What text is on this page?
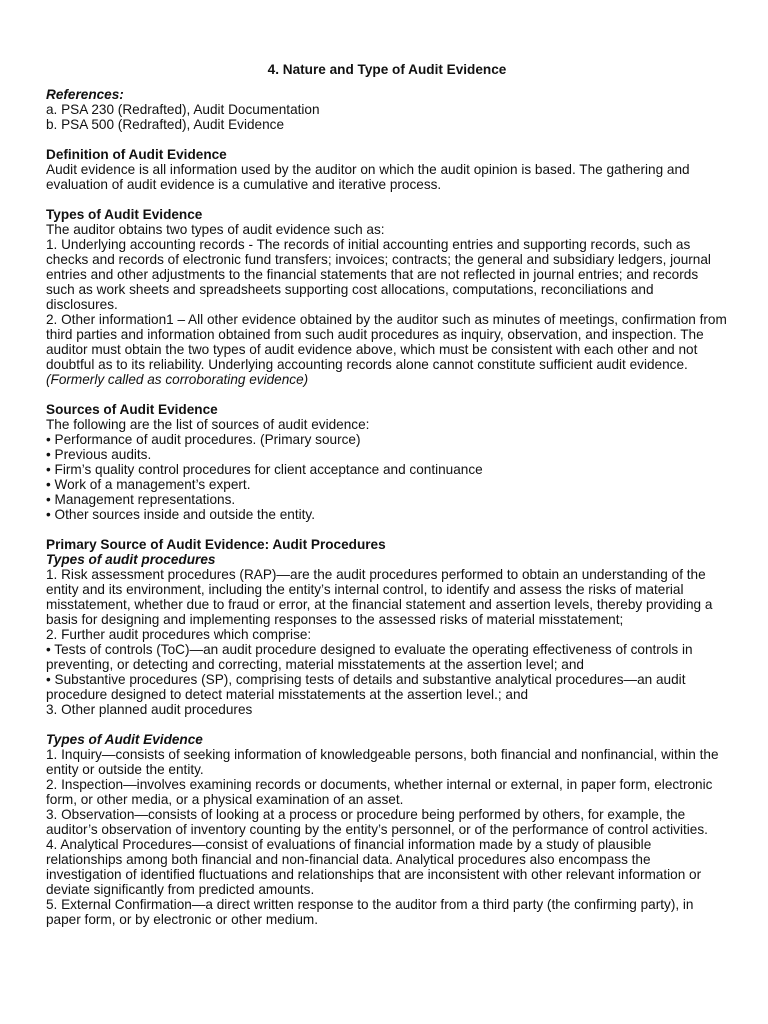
4. Nature and Type of Audit Evidence

References:

a. PSA 230 (Redrafted), Audit Documentation

b. PSA 500 (Redrafted), Audit Evidence

Definition of Audit Evidence

Audit evidence is all information used by the auditor on which the audit opinion is based. The gathering and evaluation of audit evidence is a cumulative and iterative process.

Types of Audit Evidence

The auditor obtains two types of audit evidence such as:

1. Underlying accounting records - The records of initial accounting entries and supporting records, such as checks and records of electronic fund transfers; invoices; contracts; the general and subsidiary ledgers, journal entries and other adjustments to the financial statements that are not reflected in journal entries; and records such as work sheets and spreadsheets supporting cost allocations, computations, reconciliations and disclosures.

2. Other information1 – All other evidence obtained by the auditor such as minutes of meetings, confirmation from third parties and information obtained from such audit procedures as inquiry, observation, and inspection. The auditor must obtain the two types of audit evidence above, which must be consistent with each other and not doubtful as to its reliability. Underlying accounting records alone cannot constitute sufficient audit evidence. (Formerly called as corroborating evidence)

Sources of Audit Evidence

The following are the list of sources of audit evidence:

• Performance of audit procedures. (Primary source)

• Previous audits.

• Firm’s quality control procedures for client acceptance and continuance

• Work of a management’s expert.

• Management representations.

• Other sources inside and outside the entity.

Primary Source of Audit Evidence: Audit Procedures

Types of audit procedures

1. Risk assessment procedures (RAP)—are the audit procedures performed to obtain an understanding of the entity and its environment, including the entity’s internal control, to identify and assess the risks of material misstatement, whether due to fraud or error, at the financial statement and assertion levels, thereby providing a basis for designing and implementing responses to the assessed risks of material misstatement;

2. Further audit procedures which comprise:

• Tests of controls (ToC)—an audit procedure designed to evaluate the operating effectiveness of controls in preventing, or detecting and correcting, material misstatements at the assertion level; and

• Substantive procedures (SP), comprising tests of details and substantive analytical procedures—an audit procedure designed to detect material misstatements at the assertion level.; and

3. Other planned audit procedures

Types of Audit Evidence

1. Inquiry—consists of seeking information of knowledgeable persons, both financial and nonfinancial, within the entity or outside the entity.

2. Inspection—involves examining records or documents, whether internal or external, in paper form, electronic form, or other media, or a physical examination of an asset.

3. Observation—consists of looking at a process or procedure being performed by others, for example, the auditor’s observation of inventory counting by the entity’s personnel, or of the performance of control activities.

4. Analytical Procedures—consist of evaluations of financial information made by a study of plausible relationships among both financial and non-financial data. Analytical procedures also encompass the investigation of identified fluctuations and relationships that are inconsistent with other relevant information or deviate significantly from predicted amounts.

5. External Confirmation—a direct written response to the auditor from a third party (the confirming party), in paper form, or by electronic or other medium.
